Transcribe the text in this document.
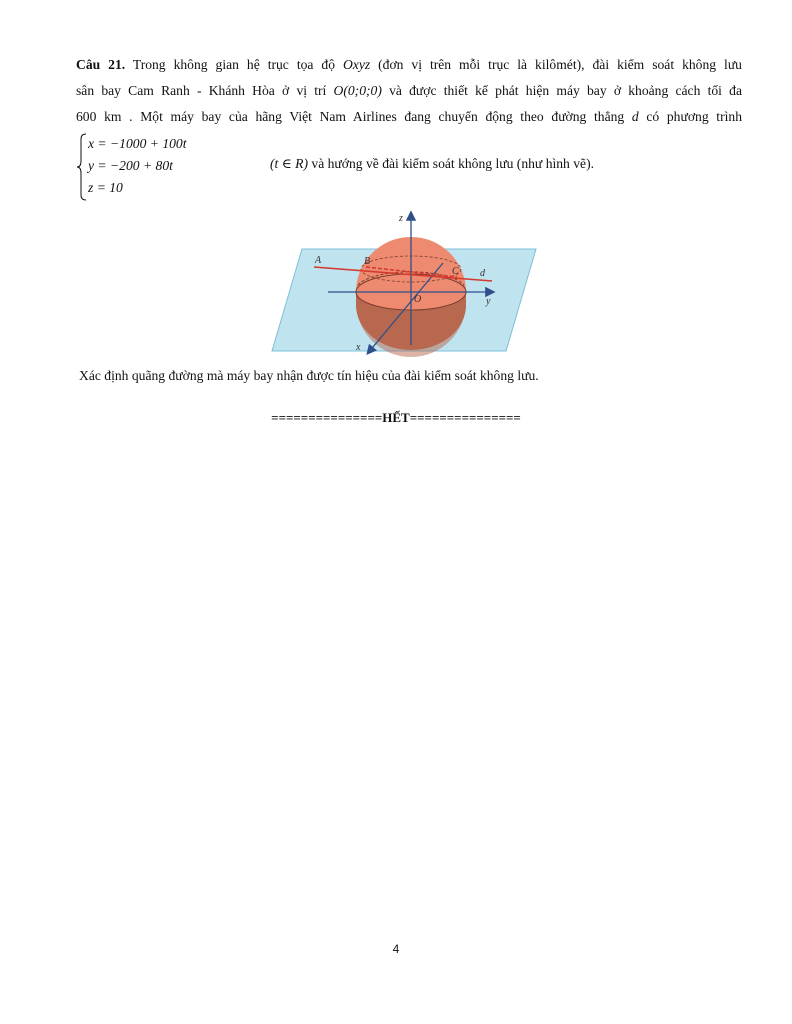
Câu 21. Trong không gian hệ trục tọa độ Oxyz (đơn vị trên mỗi trục là kilômét), đài kiểm soát không lưu
sân bay Cam Ranh - Khánh Hòa ở vị trí O(0;0;0) và được thiết kế phát hiện máy bay ở khoảng cách tối đa
600 km . Một máy bay của hãng Việt Nam Airlines đang chuyển động theo đường thẳng d có phương trình
x = −1000 + 100t
y = −200 + 80t
z = 10
(t ∈ R) và hướng về đài kiểm soát không lưu (như hình vẽ).
z
y
x
O
A	B
C d
Xác định quãng đường mà máy bay nhận được tín hiệu của đài kiểm soát không lưu.
===============HẾT===============
4
